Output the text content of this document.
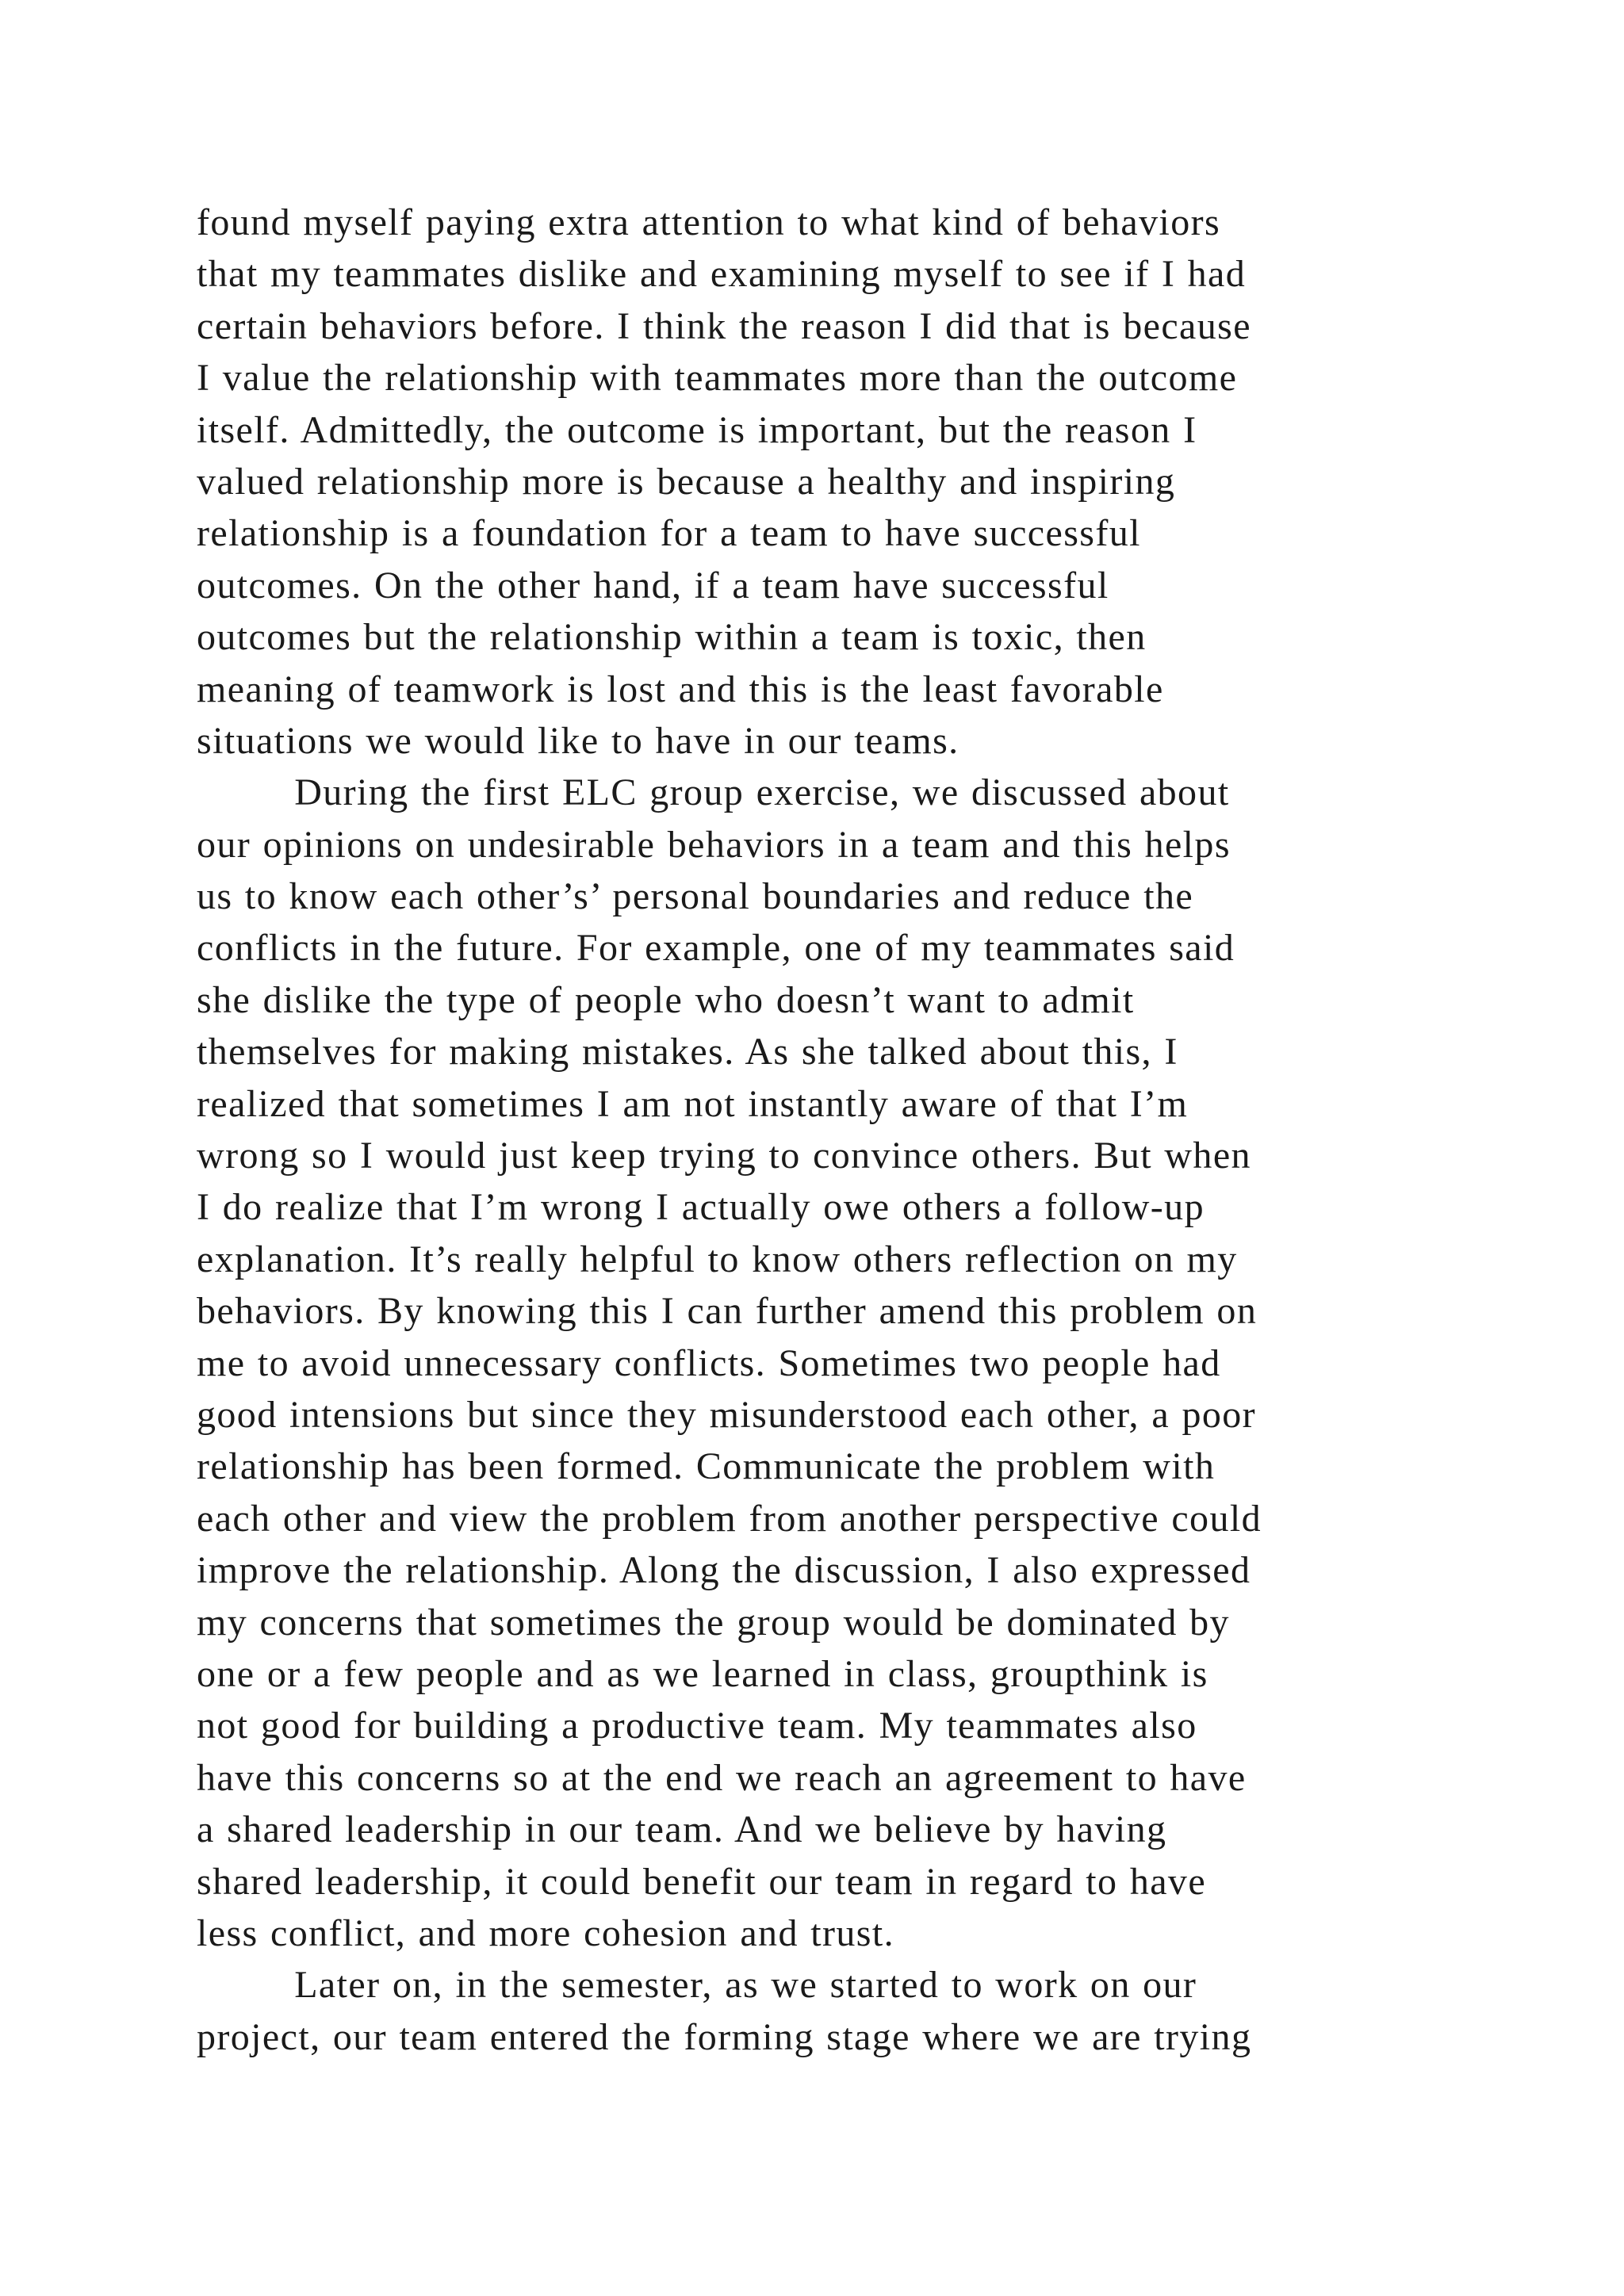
found myself paying extra attention to what kind of behaviors
that my teammates dislike and examining myself to see if I had
certain behaviors before. I think the reason I did that is because
I value the relationship with teammates more than the outcome
itself. Admittedly, the outcome is important, but the reason I
valued relationship more is because a healthy and inspiring
relationship is a foundation for a team to have successful
outcomes. On the other hand, if a team have successful
outcomes but the relationship within a team is toxic, then
meaning of teamwork is lost and this is the least favorable
situations we would like to have in our teams.
During the first ELC group exercise, we discussed about
our opinions on undesirable behaviors in a team and this helps
us to know each other’s’ personal boundaries and reduce the
conflicts in the future. For example, one of my teammates said
she dislike the type of people who doesn’t want to admit
themselves for making mistakes. As she talked about this, I
realized that sometimes I am not instantly aware of that I’m
wrong so I would just keep trying to convince others. But when
I do realize that I’m wrong I actually owe others a follow-up
explanation. It’s really helpful to know others reflection on my
behaviors. By knowing this I can further amend this problem on
me to avoid unnecessary conflicts. Sometimes two people had
good intensions but since they misunderstood each other, a poor
relationship has been formed. Communicate the problem with
each other and view the problem from another perspective could
improve the relationship. Along the discussion, I also expressed
my concerns that sometimes the group would be dominated by
one or a few people and as we learned in class, groupthink is
not good for building a productive team. My teammates also
have this concerns so at the end we reach an agreement to have
a shared leadership in our team. And we believe by having
shared leadership, it could benefit our team in regard to have
less conflict, and more cohesion and trust.
Later on, in the semester, as we started to work on our
project, our team entered the forming stage where we are trying
